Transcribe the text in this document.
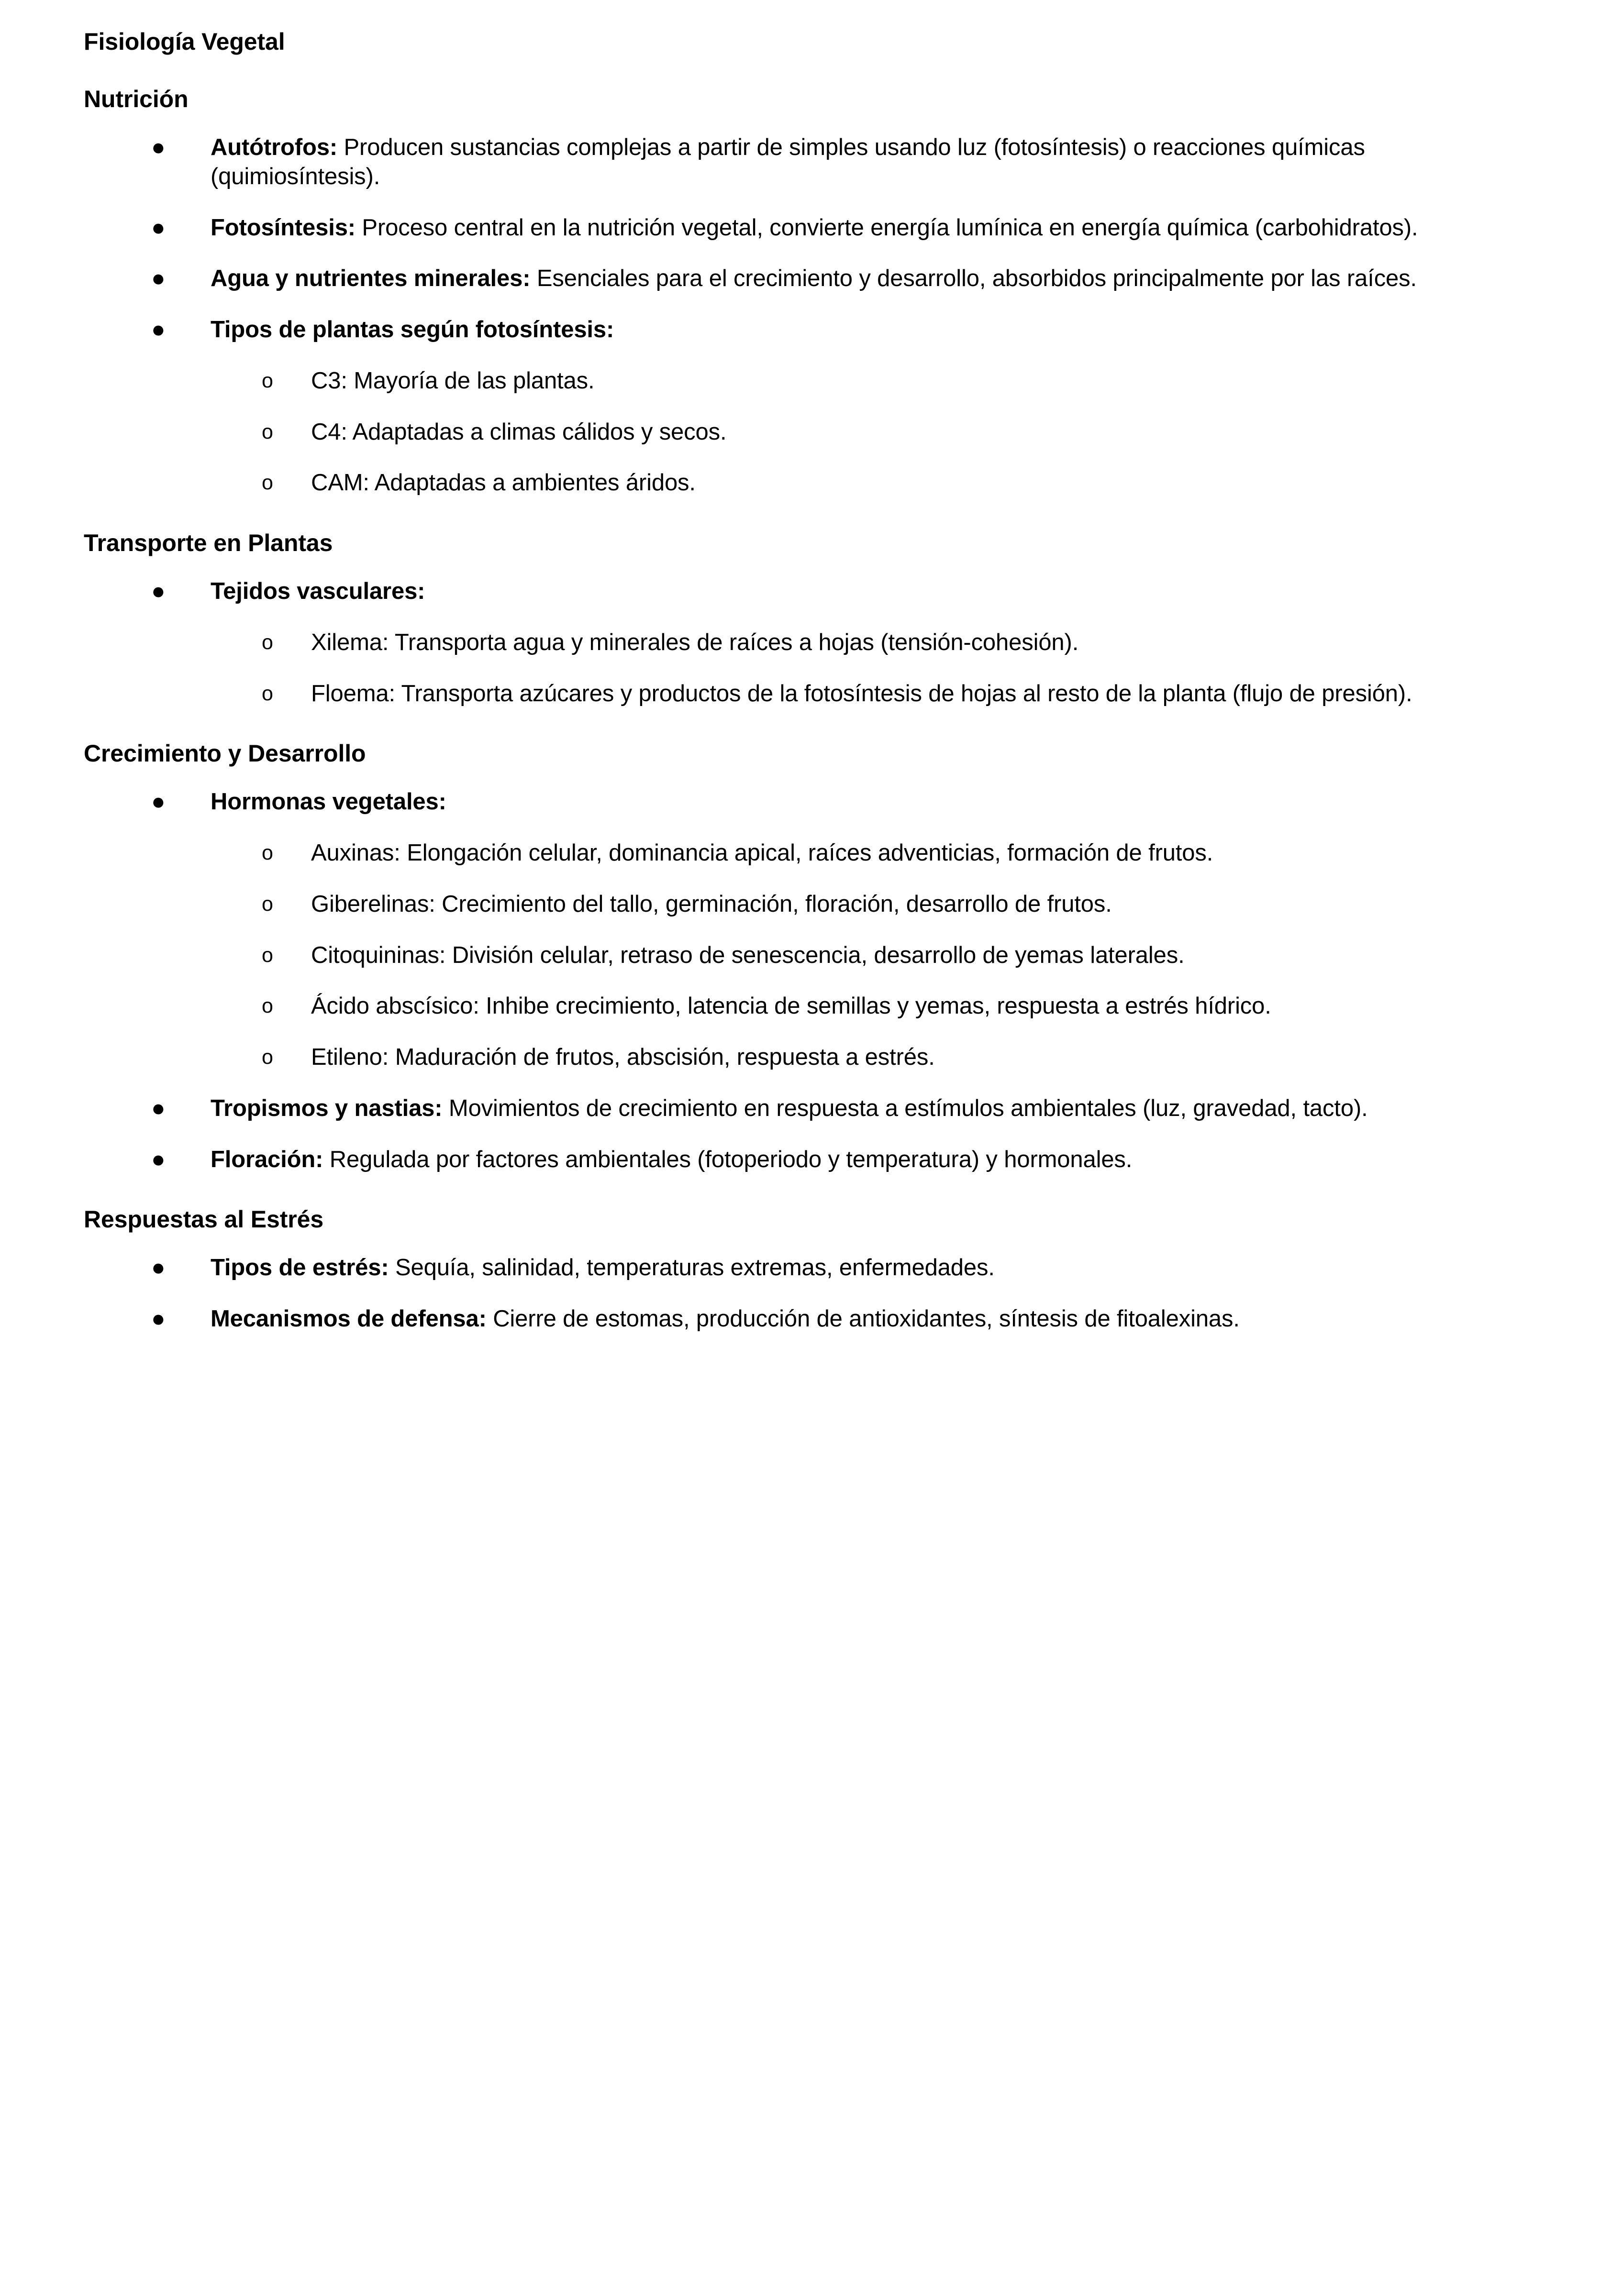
Fisiología Vegetal
Nutrición
●	Autótrofos: Producen sustancias complejas a partir de simples usando luz (fotosíntesis) o reacciones químicas (quimiosíntesis).
●	Fotosíntesis: Proceso central en la nutrición vegetal, convierte energía lumínica en energía química (carbohidratos).
●	Agua y nutrientes minerales: Esenciales para el crecimiento y desarrollo, absorbidos principalmente por las raíces.
●	Tipos de plantas según fotosíntesis:
o C3: Mayoría de las plantas.
o C4: Adaptadas a climas cálidos y secos.
o CAM: Adaptadas a ambientes áridos.
Transporte en Plantas
●	Tejidos vasculares:
o Xilema: Transporta agua y minerales de raíces a hojas (tensión-cohesión).
o Floema: Transporta azúcares y productos de la fotosíntesis de hojas al resto de la planta (flujo de presión).
Crecimiento y Desarrollo
●	Hormonas vegetales:
o Auxinas: Elongación celular, dominancia apical, raíces adventicias, formación de frutos.
o Giberelinas: Crecimiento del tallo, germinación, floración, desarrollo de frutos.
o Citoquininas: División celular, retraso de senescencia, desarrollo de yemas laterales.
o Ácido abscísico: Inhibe crecimiento, latencia de semillas y yemas, respuesta a estrés hídrico.
o Etileno: Maduración de frutos, abscisión, respuesta a estrés.
●	Tropismos y nastias: Movimientos de crecimiento en respuesta a estímulos ambientales (luz, gravedad, tacto).
●	Floración: Regulada por factores ambientales (fotoperiodo y temperatura) y hormonales.
Respuestas al Estrés
●	Tipos de estrés: Sequía, salinidad, temperaturas extremas, enfermedades.
●	Mecanismos de defensa: Cierre de estomas, producción de antioxidantes, síntesis de fitoalexinas.
